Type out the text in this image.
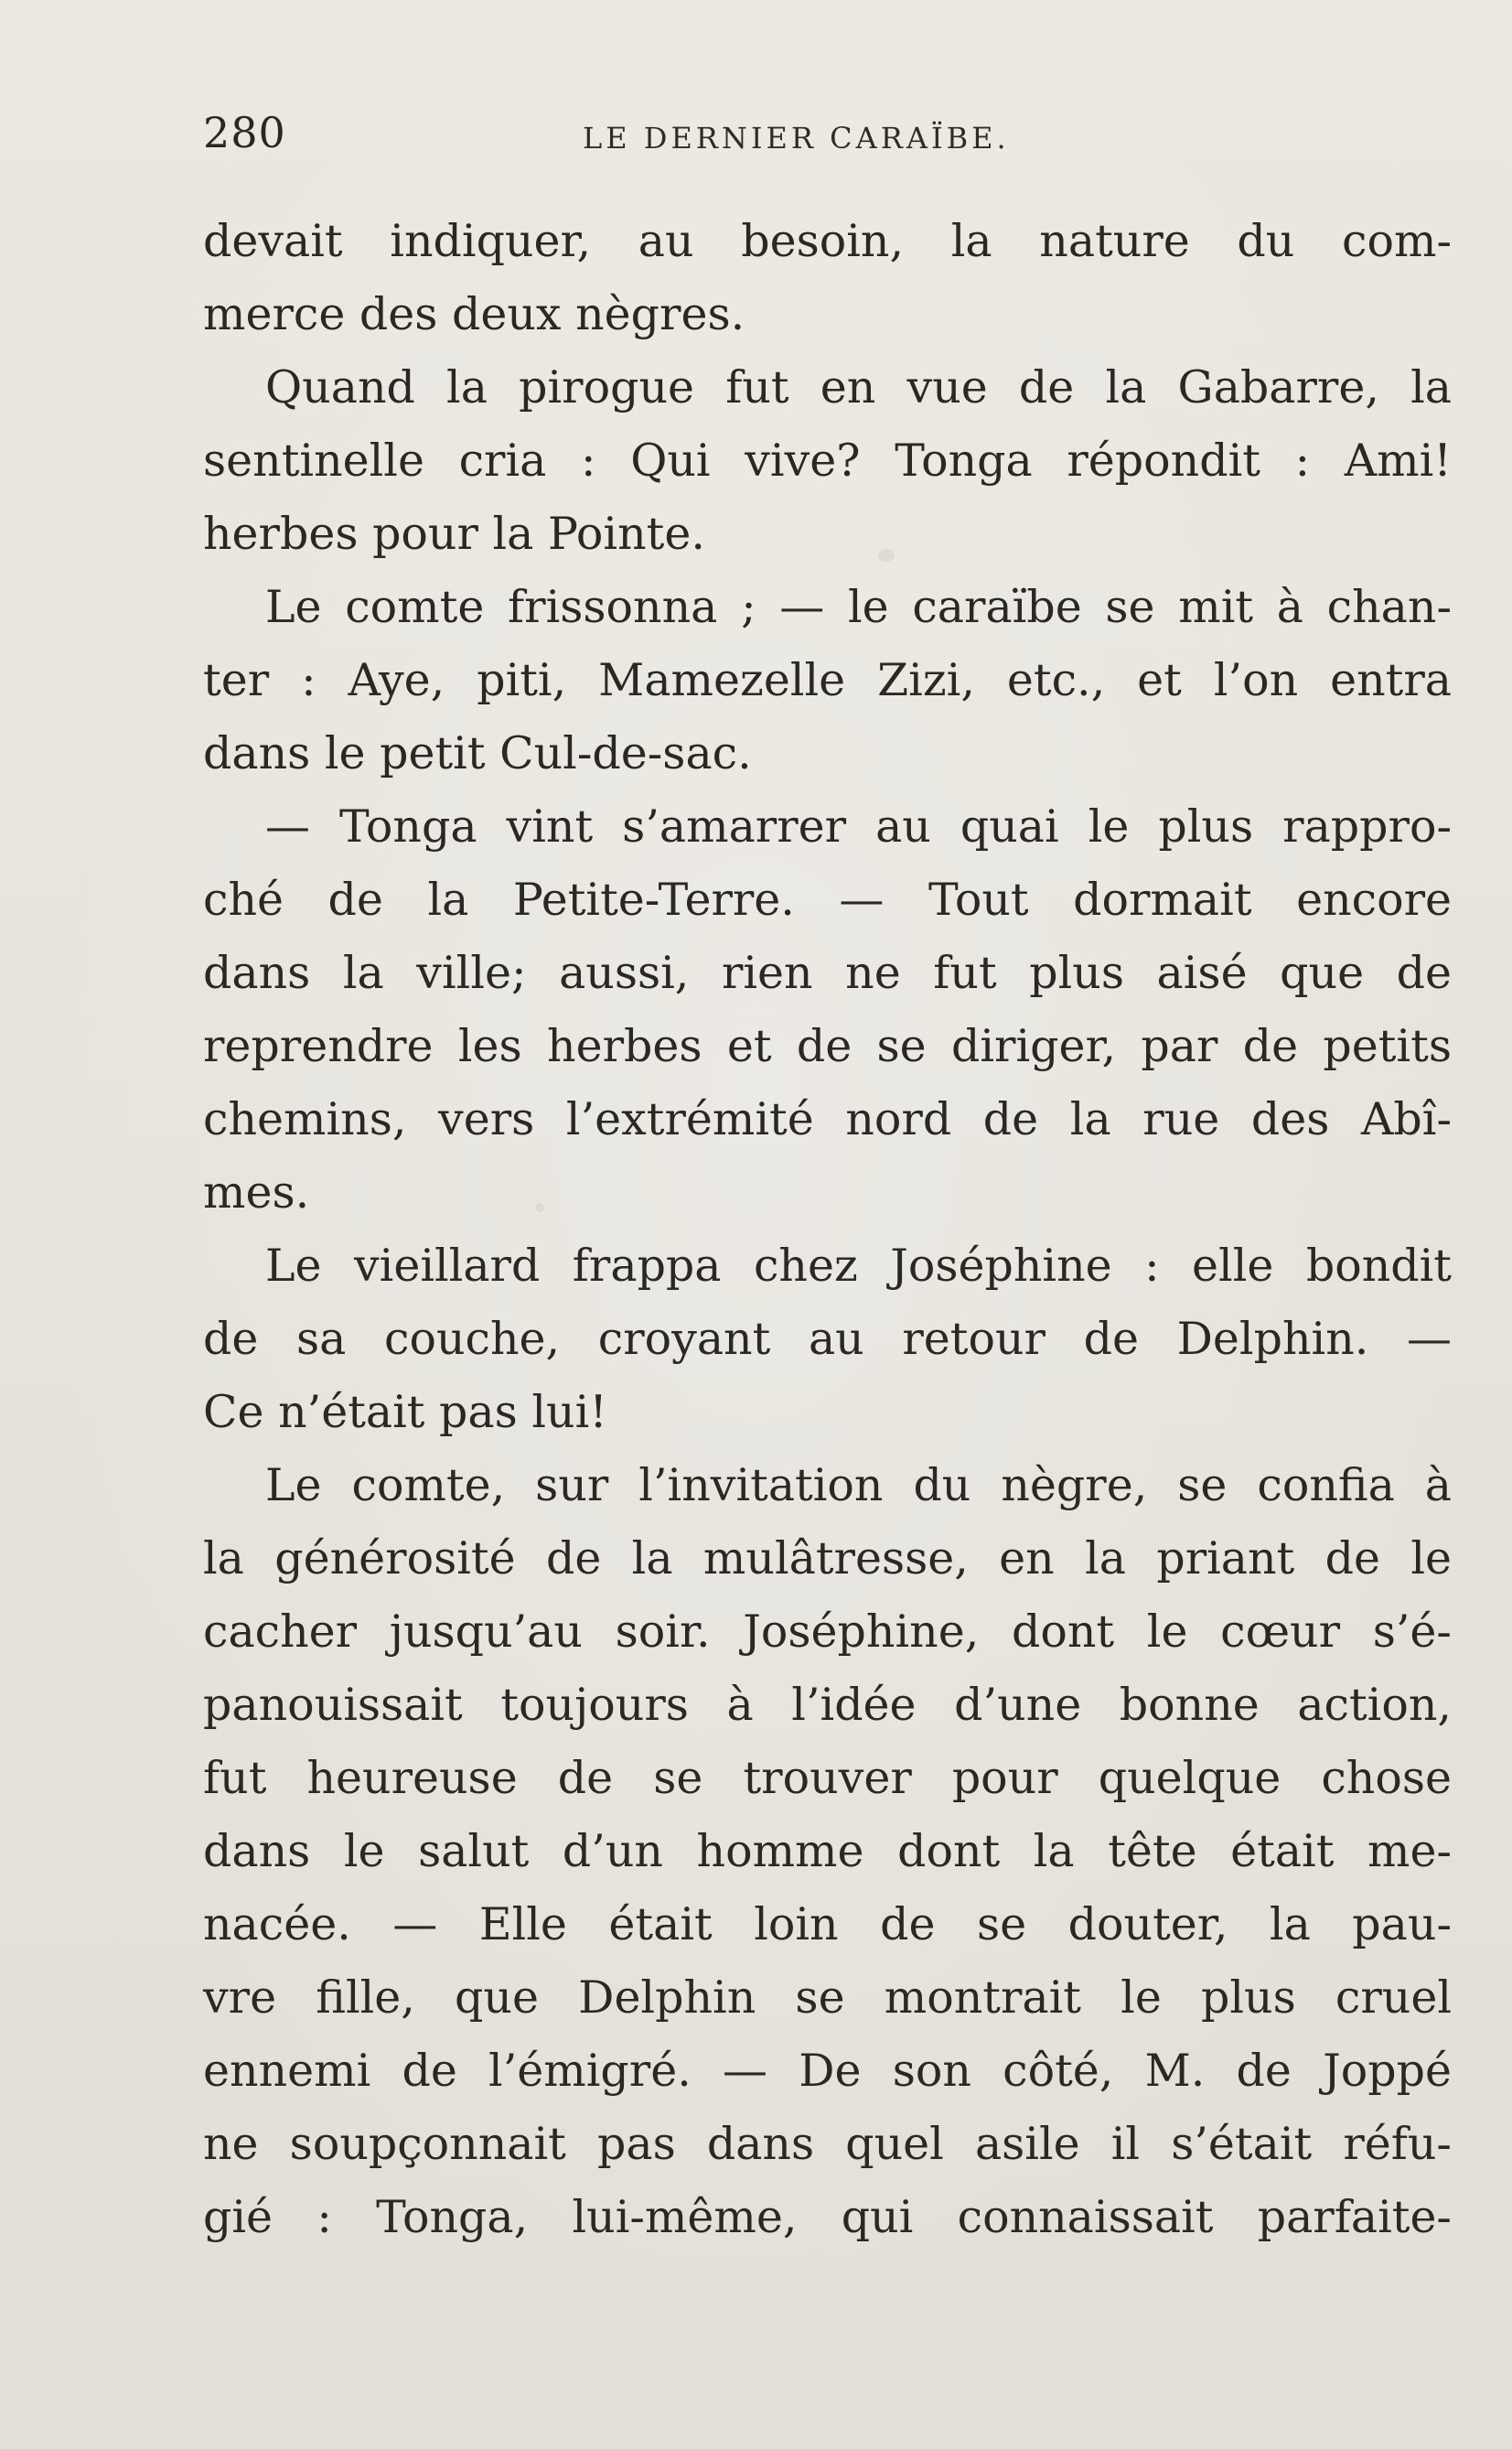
280	LE DERNIER CARAÏBE.
devait indiquer, au besoin, la nature du com-
merce des deux nègres.
Quand la pirogue fut en vue de la Gabarre, la
sentinelle cria : Qui vive? Tonga répondit : Ami!
herbes pour la Pointe.
Le comte frissonna ; — le caraïbe se mit à chan-
ter : Aye, piti, Mamezelle Zizi, etc., et l’on entra
dans le petit Cul-de-sac.
— Tonga vint s’amarrer au quai le plus rappro-
ché de la Petite-Terre. — Tout dormait encore
dans la ville; aussi, rien ne fut plus aisé que de
reprendre les herbes et de se diriger, par de petits
chemins, vers l’extrémité nord de la rue des Abî-
mes.
Le vieillard frappa chez Joséphine : elle bondit
de sa couche, croyant au retour de Delphin. —
Ce n’était pas lui!
Le comte, sur l’invitation du nègre, se confia à
la générosité de la mulâtresse, en la priant de le
cacher jusqu’au soir. Joséphine, dont le cœur s’é-
panouissait toujours à l’idée d’une bonne action,
fut heureuse de se trouver pour quelque chose
dans le salut d’un homme dont la tête était me-
nacée. — Elle était loin de se douter, la pau-
vre fille, que Delphin se montrait le plus cruel
ennemi de l’émigré. — De son côté, M. de Joppé
ne soupçonnait pas dans quel asile il s’était réfu-
gié : Tonga, lui-même, qui connaissait parfaite-
